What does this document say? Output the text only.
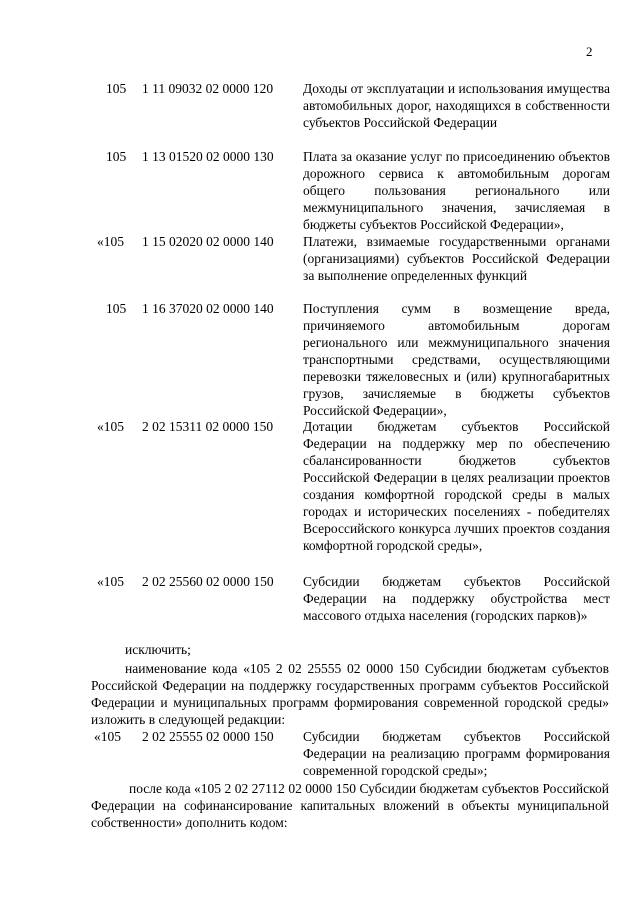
2
105 1 11 09032 02 0000 120 Доходы от эксплуатации и использования имущества автомобильных дорог, находящихся в собственности субъектов Российской Федерации
105 1 13 01520 02 0000 130 Плата за оказание услуг по присоединению объектов дорожного сервиса к автомобильным дорогам общего пользования регионального или межмуниципального значения, зачисляемая в бюджеты субъектов Российской Федерации»,
«105 1 15 02020 02 0000 140 Платежи, взимаемые государственными органами (организациями) субъектов Российской Федерации за выполнение определенных функций
105 1 16 37020 02 0000 140 Поступления сумм в возмещение вреда, причиняемого автомобильным дорогам регионального или межмуниципального значения транспортными средствами, осуществляющими перевозки тяжеловесных и (или) крупногабаритных грузов, зачисляемые в бюджеты субъектов Российской Федерации»,
«105 2 02 15311 02 0000 150 Дотации бюджетам субъектов Российской Федерации на поддержку мер по обеспечению сбалансированности бюджетов субъектов Российской Федерации в целях реализации проектов создания комфортной городской среды в малых городах и исторических поселениях - победителях Всероссийского конкурса лучших проектов создания комфортной городской среды»,
«105 2 02 25560 02 0000 150 Субсидии бюджетам субъектов Российской Федерации на поддержку обустройства мест массового отдыха населения (городских парков)»
исключить;
наименование кода «105 2 02 25555 02 0000 150 Субсидии бюджетам субъектов Российской Федерации на поддержку государственных программ субъектов Российской Федерации и муниципальных программ формирования современной городской среды» изложить в следующей редакции:
«105 2 02 25555 02 0000 150 Субсидии бюджетам субъектов Российской Федерации на реализацию программ формирования современной городской среды»;
после кода «105 2 02 27112 02 0000 150 Субсидии бюджетам субъектов Российской Федерации на софинансирование капитальных вложений в объекты муниципальной собственности» дополнить кодом:
